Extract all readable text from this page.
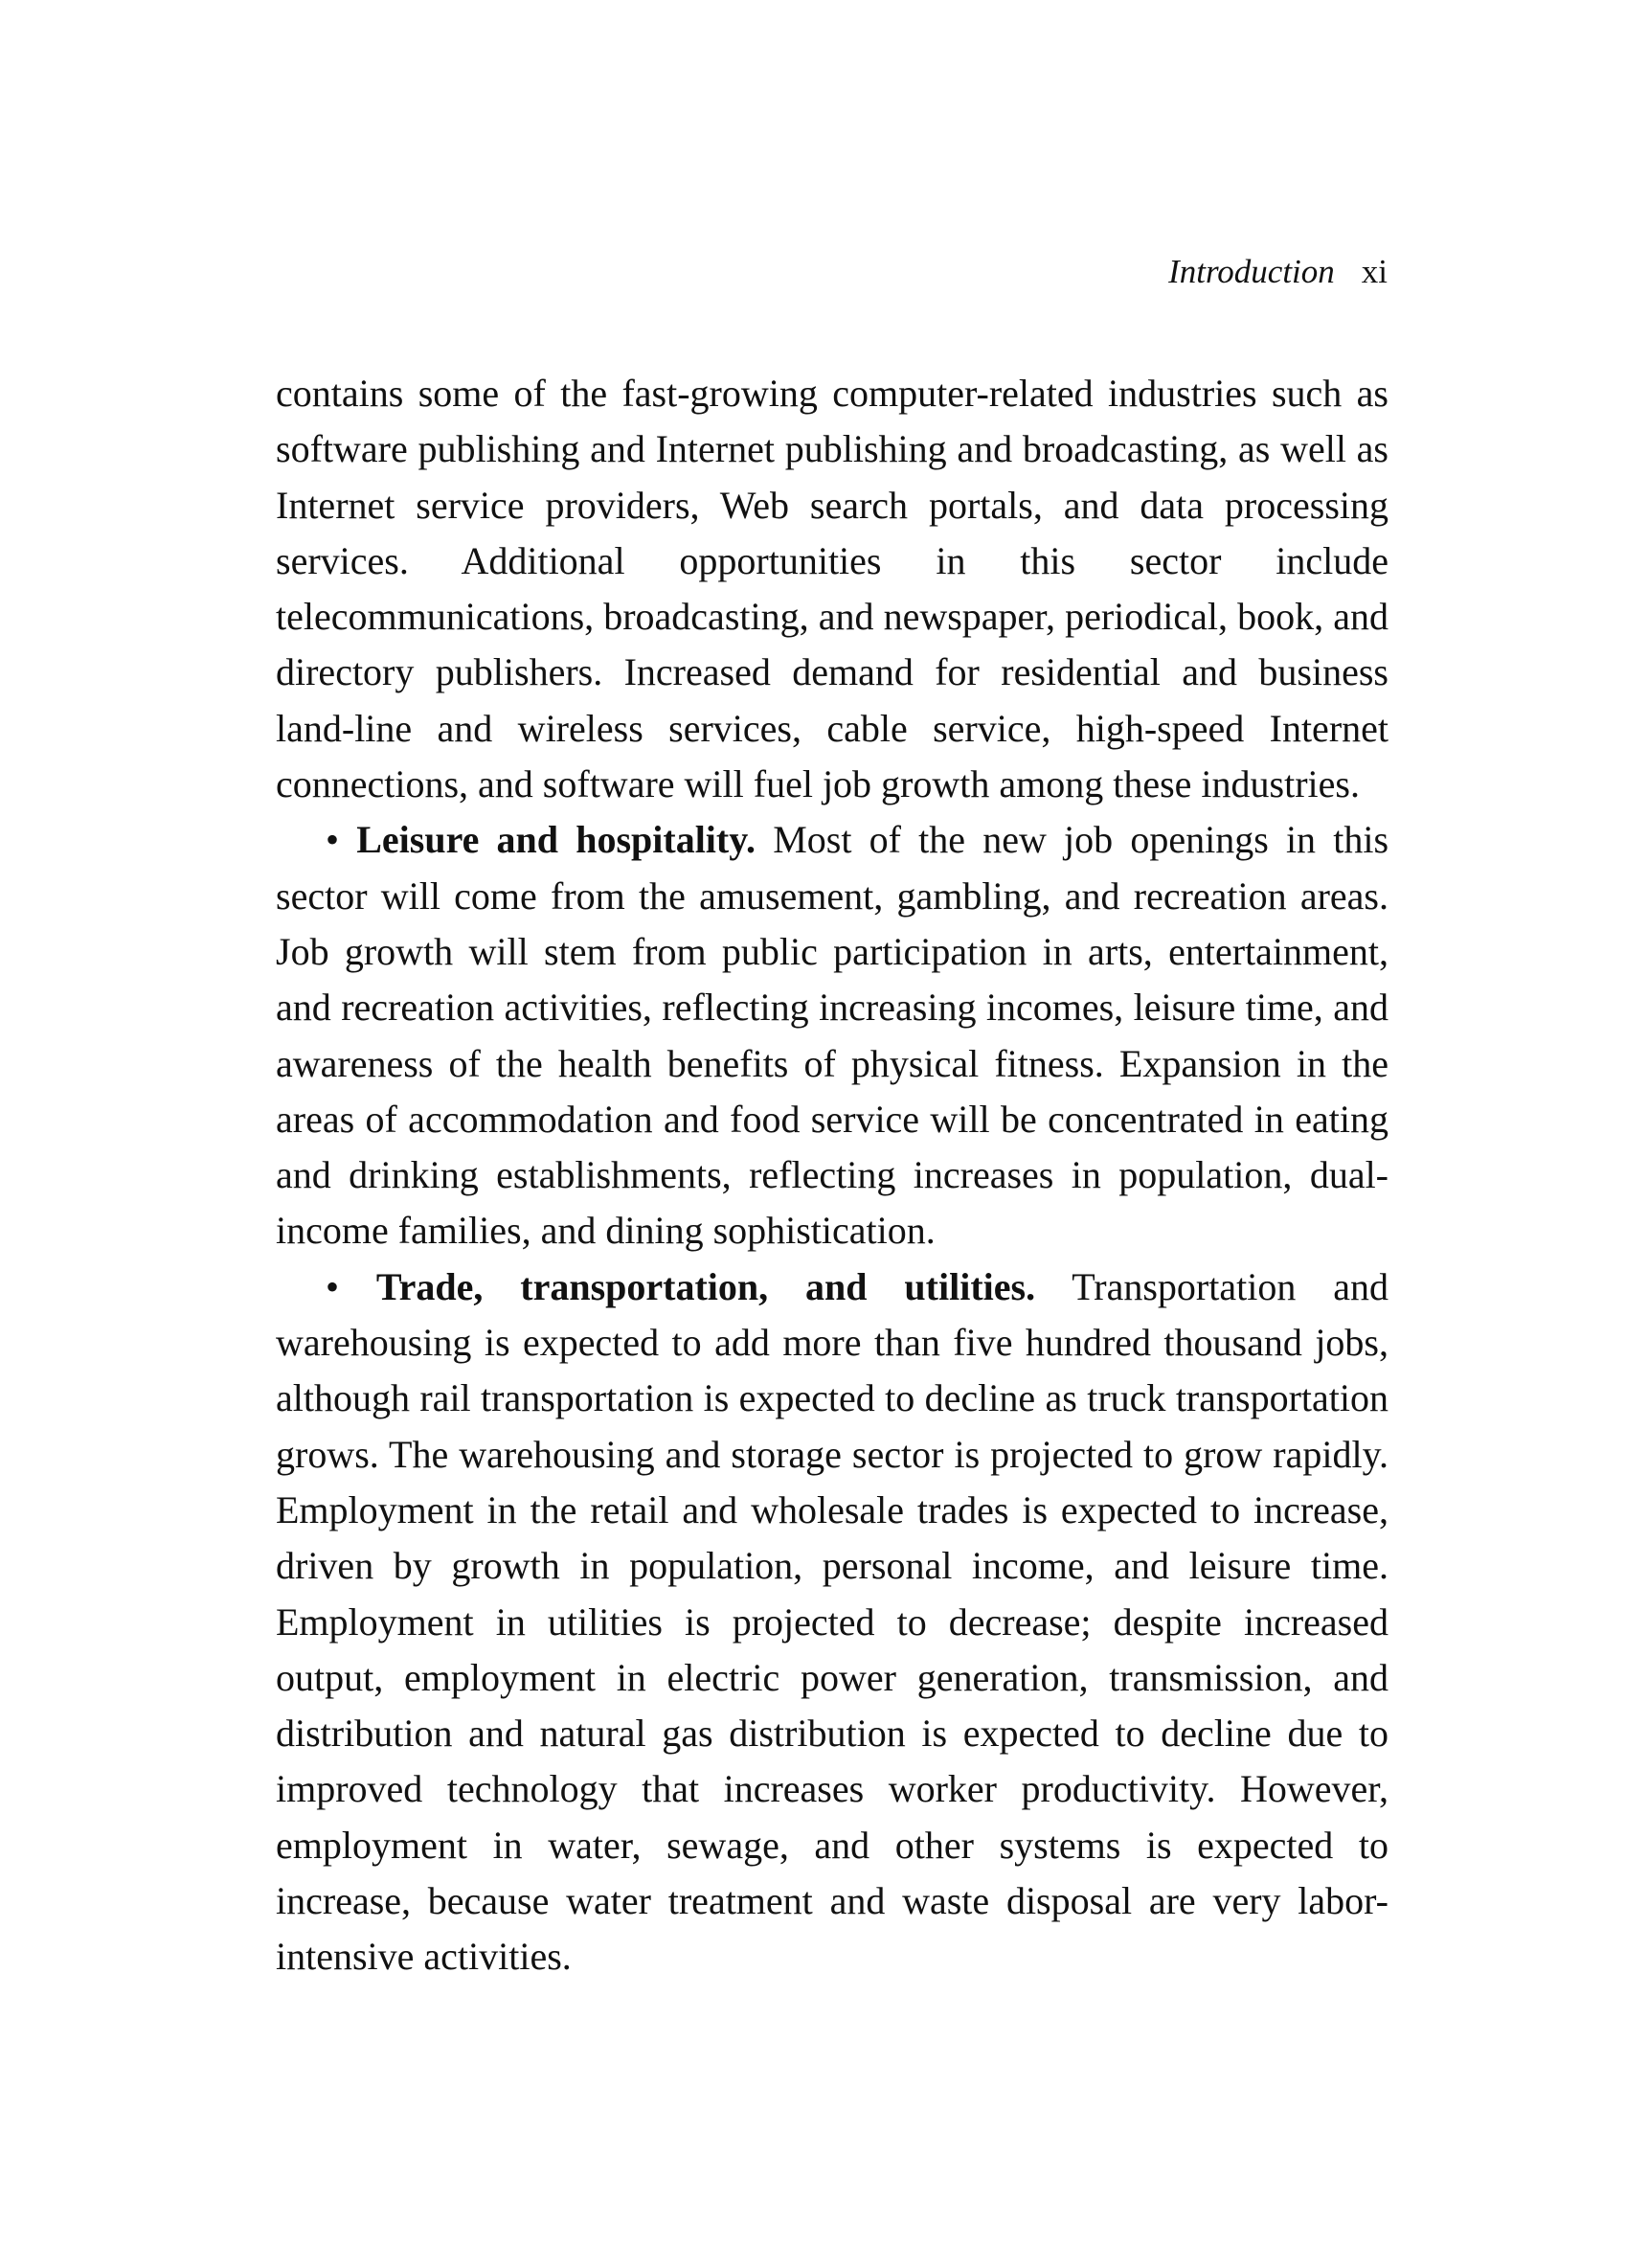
Introduction xi

contains some of the fast-growing computer-related industries such as software publishing and Internet publishing and broadcasting, as well as Internet service providers, Web search portals, and data processing services. Additional opportunities in this sector include telecommunications, broadcasting, and newspaper, periodical, book, and directory publishers. Increased demand for residential and business land-line and wireless services, cable service, high-speed Internet connections, and software will fuel job growth among these industries.

• Leisure and hospitality. Most of the new job openings in this sector will come from the amusement, gambling, and recreation areas. Job growth will stem from public participation in arts, entertainment, and recreation activities, reflecting increasing incomes, leisure time, and awareness of the health benefits of physical fitness. Expansion in the areas of accommodation and food service will be concentrated in eating and drinking establishments, reflecting increases in population, dual-income families, and dining sophistication.

• Trade, transportation, and utilities. Transportation and warehousing is expected to add more than five hundred thousand jobs, although rail transportation is expected to decline as truck transportation grows. The warehousing and storage sector is projected to grow rapidly. Employment in the retail and wholesale trades is expected to increase, driven by growth in population, personal income, and leisure time. Employment in utilities is projected to decrease; despite increased output, employment in electric power generation, transmission, and distribution and natural gas distribution is expected to decline due to improved technology that increases worker productivity. However, employment in water, sewage, and other systems is expected to increase, because water treatment and waste disposal are very labor-intensive activities.
